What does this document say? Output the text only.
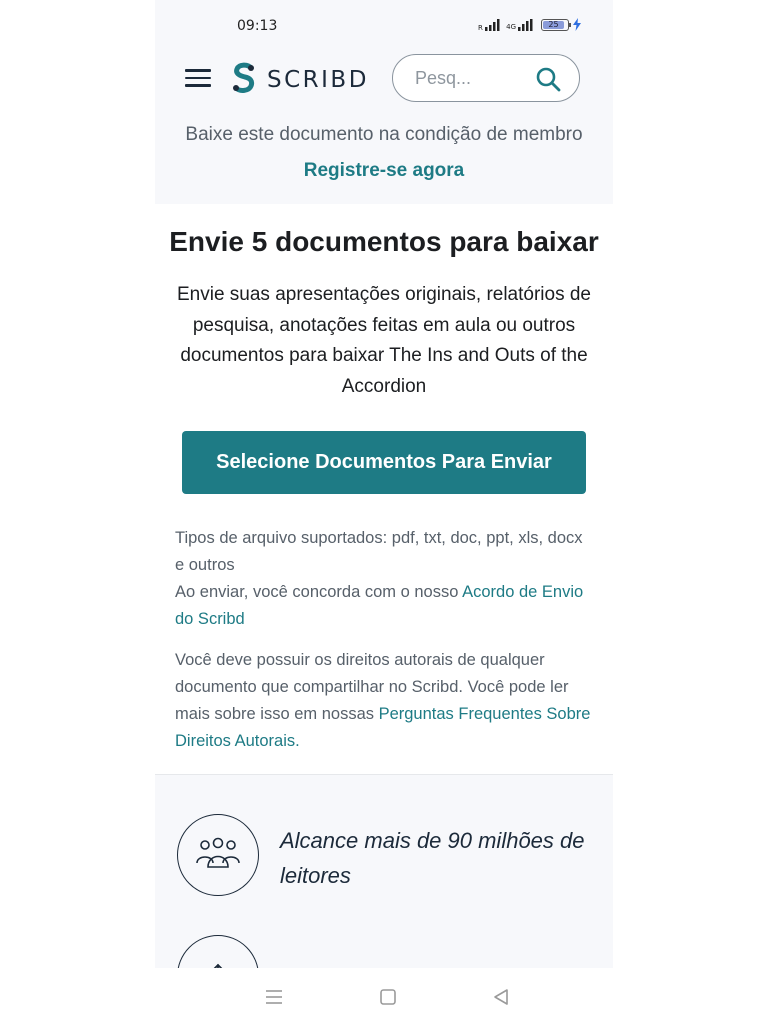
09:13	R	4G	25
SCRIBD
Pesq...
Baixe este documento na condição de membro
Registre-se agora
Envie 5 documentos para baixar
Envie suas apresentações originais, relatórios de pesquisa, anotações feitas em aula ou outros documentos para baixar The Ins and Outs of the Accordion
Selecione Documentos Para Enviar
Tipos de arquivo suportados: pdf, txt, doc, ppt, xls, docx e outros
Ao enviar, você concorda com o nosso Acordo de Envio do Scribd
Você deve possuir os direitos autorais de qualquer documento que compartilhar no Scribd. Você pode ler mais sobre isso em nossas Perguntas Frequentes Sobre Direitos Autorais.
Alcance mais de 90 milhões de leitores
